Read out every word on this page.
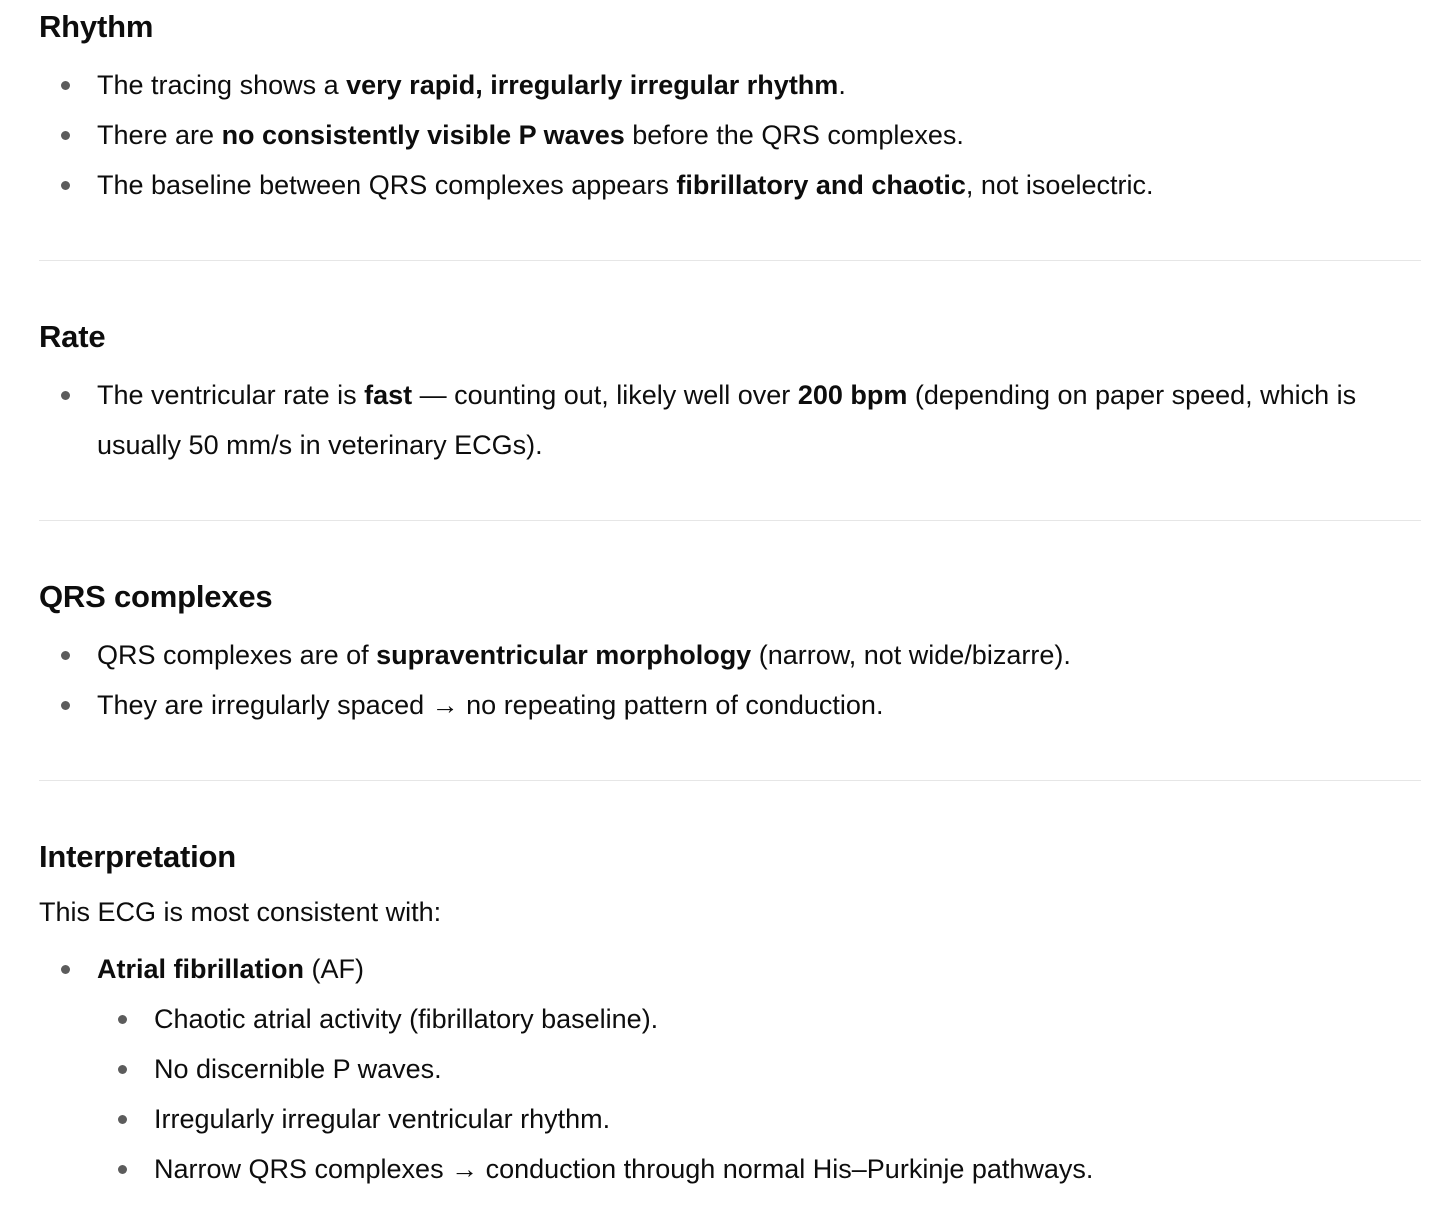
Rhythm
The tracing shows a very rapid, irregularly irregular rhythm.
There are no consistently visible P waves before the QRS complexes.
The baseline between QRS complexes appears fibrillatory and chaotic, not isoelectric.
Rate
The ventricular rate is fast — counting out, likely well over 200 bpm (depending on paper speed, which is usually 50 mm/s in veterinary ECGs).
QRS complexes
QRS complexes are of supraventricular morphology (narrow, not wide/bizarre).
They are irregularly spaced → no repeating pattern of conduction.
Interpretation

This ECG is most consistent with:

Atrial fibrillation (AF)
Chaotic atrial activity (fibrillatory baseline).
No discernible P waves.
Irregularly irregular ventricular rhythm.
Narrow QRS complexes → conduction through normal His–Purkinje pathways.
